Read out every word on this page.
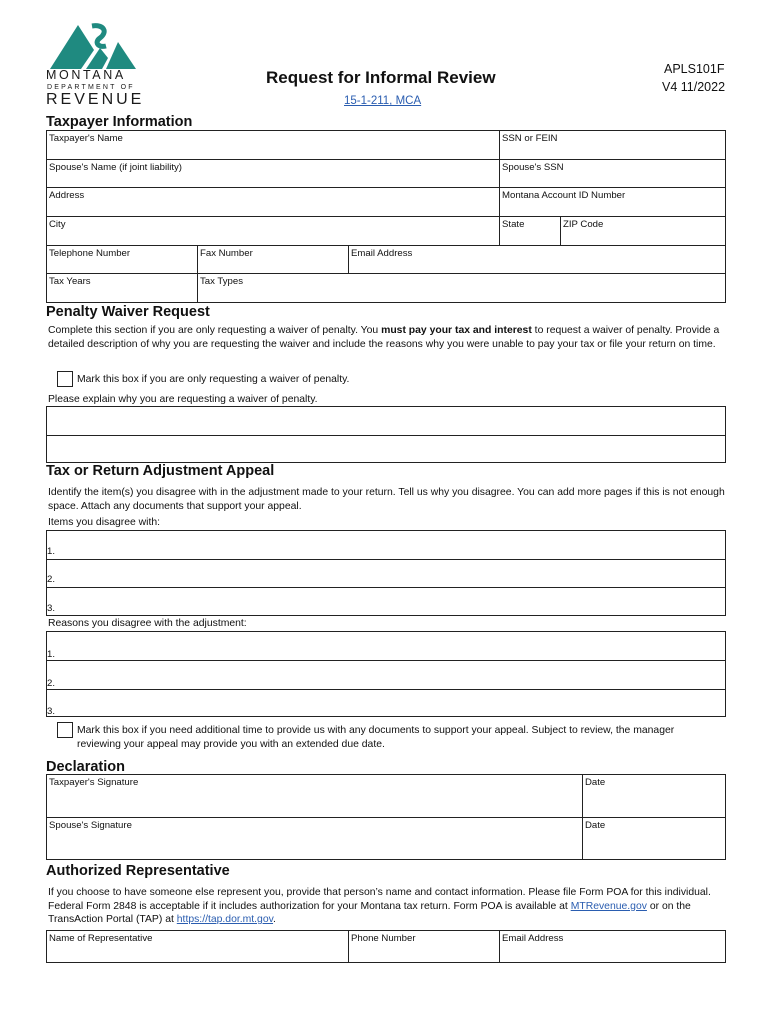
MONTANA
DEPARTMENT OF
REVENUE
Request for Informal Review
15-1-211, MCA
APLS101F
V4 11/2022
Taxpayer Information
Taxpayer's Name	SSN or FEIN
Spouse's Name (if joint liability)	Spouse's SSN
Address	Montana Account ID Number
City	State	ZIP Code
Telephone Number	Fax Number	Email Address
Tax Years	Tax Types
Penalty Waiver Request
Complete this section if you are only requesting a waiver of penalty. You must pay your tax and interest to request a waiver of penalty. Provide a detailed description of why you are requesting the waiver and include the reasons why you were unable to pay your tax or file your return on time.
Mark this box if you are only requesting a waiver of penalty.
Please explain why you are requesting a waiver of penalty.
Tax or Return Adjustment Appeal
Identify the item(s) you disagree with in the adjustment made to your return. Tell us why you disagree. You can add more pages if this is not enough space. Attach any documents that support your appeal.
Items you disagree with:
1.
2.
3.
Reasons you disagree with the adjustment:
1.
2.
3.
Mark this box if you need additional time to provide us with any documents to support your appeal. Subject to review, the manager reviewing your appeal may provide you with an extended due date.
Declaration
Taxpayer's Signature	Date
Spouse's Signature	Date
Authorized Representative
If you choose to have someone else represent you, provide that person’s name and contact information. Please file Form POA for this individual. Federal Form 2848 is acceptable if it includes authorization for your Montana tax return. Form POA is available at MTRevenue.gov or on the TransAction Portal (TAP) at https://tap.dor.mt.gov.
Name of Representative	Phone Number	Email Address
